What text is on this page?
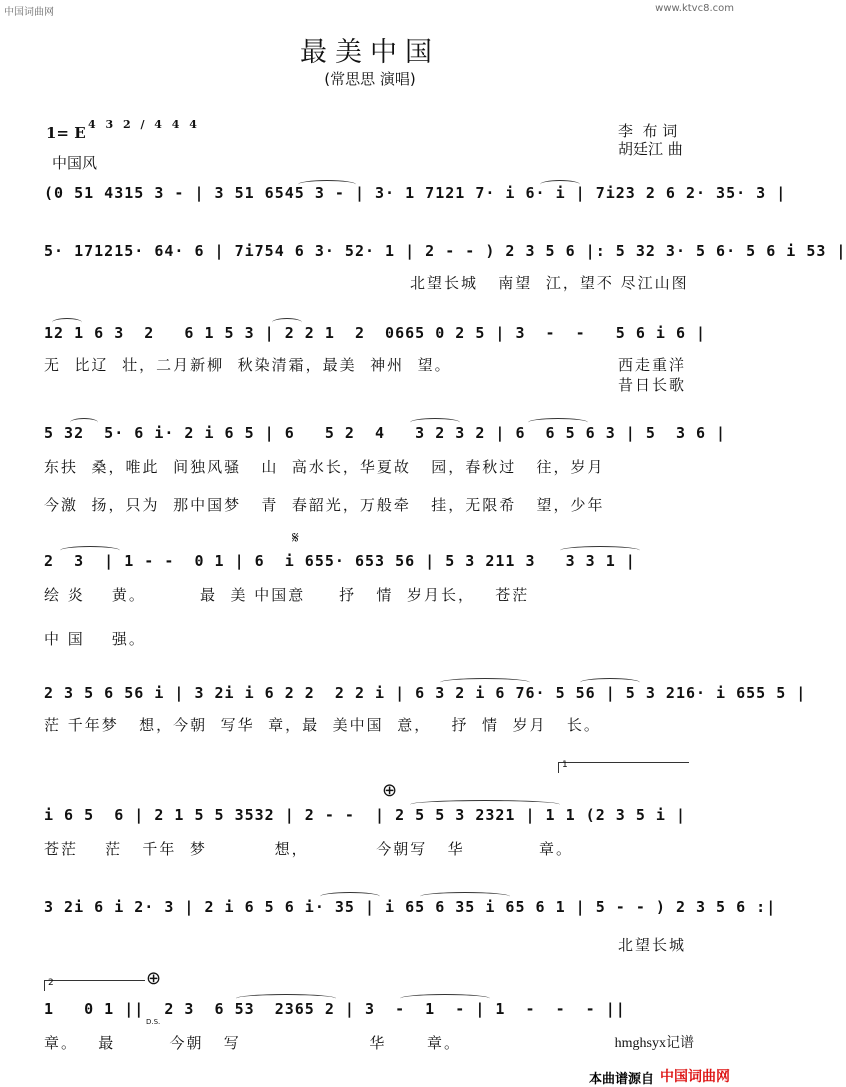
中国词曲网	www.ktvc8.com
最美中国
(常思思 演唱)
1= E 4 3 2 / 4 4 4
中国风
李  布 词
胡廷江 曲
(0 51 4315 3 - | 3 51 6545 3 - | 3· 1 7121 7· i 6· i | 7i23 2 6 2· 35· 3 |
5· 171215· 64· 6 | 7i754 6 3· 52· 1 | 2 - - ) 2 3 5 6 |: 5 32 3· 5 6· 5 6 i 53 |
北望长城   南望  江，望不 尽江山图
12 1 6 3  2   6 1 5 3 | 2 2 1  2  0665 0 2 5 | 3  -  -   5 6 i 6 |
无  比辽  壮，二月新柳  秋染清霜，最美  神州  望。	西走重洋
昔日长歌
5 32  5· 6 i· 2 i 6 5 | 6   5 2  4   3 2 3 2 | 6  6 5 6 3 | 5  3 6 |
东扶  桑，唯此  间独风骚   山  高水长，华夏故   园，春秋过   往，岁月
今激  扬，只为  那中国梦   青  春韶光，万般牵   挂，无限希   望，少年
𝄋
2  3  | 1 - -  0 1 | 6  i 655· 653 56 | 5 3 211 3   3 3 1 |
绘 炎    黄。        最  美 中国意     抒   情  岁月长，   苍茫
中 国    强。
2 3 5 6 56 i | 3 2i i 6 2 2  2 2 i | 6 3 2 i 6 76· 5 56 | 5 3 216· i 655 5 |
茫 千年梦   想，今朝  写华  章，最  美中国  意，   抒  情  岁月   长。
1
⊕
i 6 5  6 | 2 1 5 5 3532 | 2 - -  | 2 5 5 3 2321 | 1 1 (2 3 5 i |
苍茫    茫   千年  梦          想，          今朝写   华           章。
3 2i 6 i 2· 3 | 2 i 6 5 6 i· 35 | i 65 6 35 i 65 6 1 | 5 - - ) 2 3 5 6 :|
北望长城
2	⊕
D.S.
1   0 1 ||  2 3  6 53  2365 2 | 3  -  1  - | 1  -  -  - ||
章。   最        今朝   写                   华      章。	hmghsyx记谱
本曲谱源自 中国词曲网
